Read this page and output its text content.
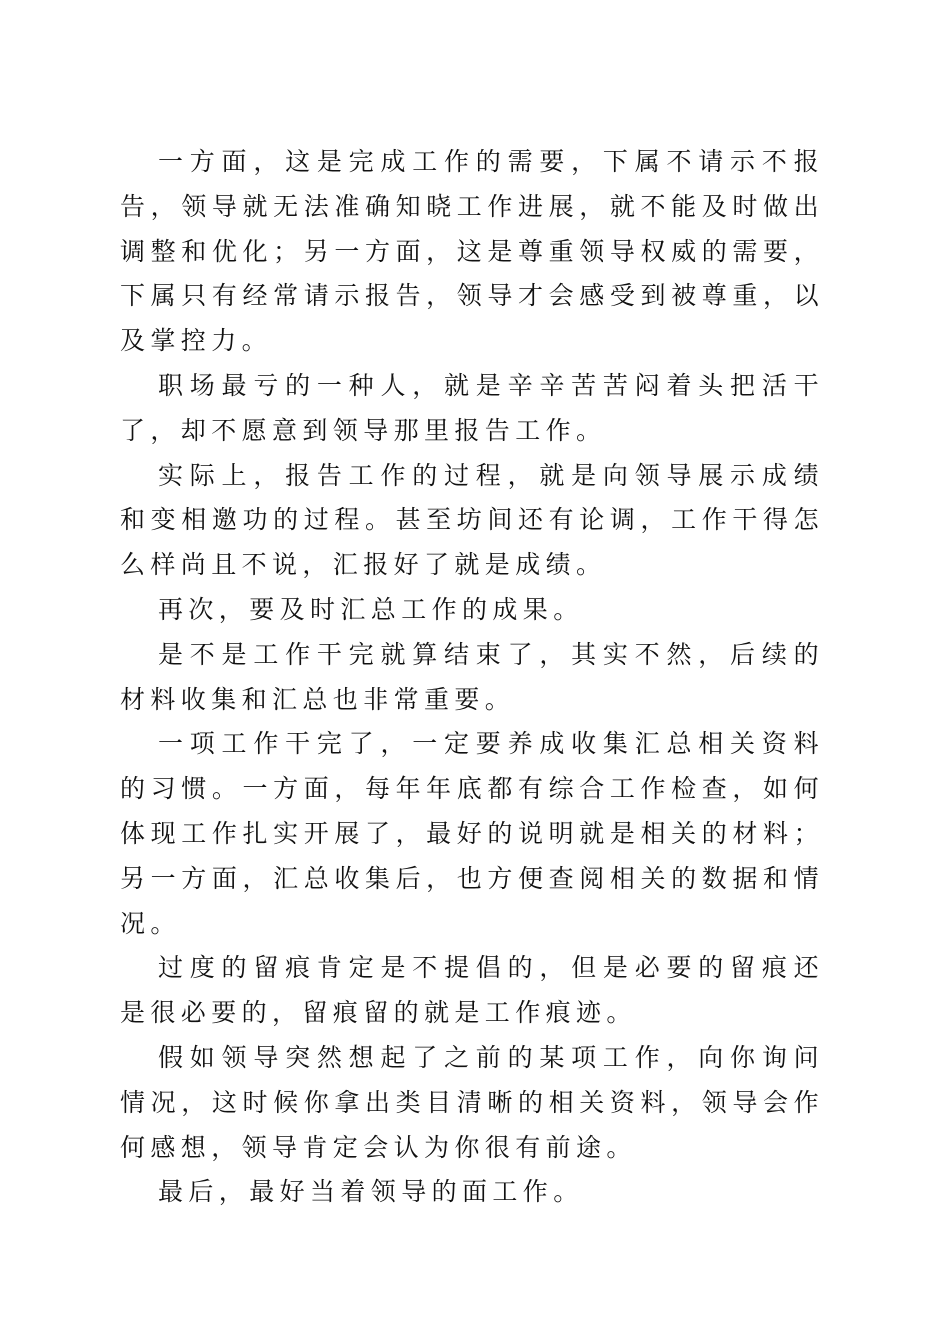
一方面，这是完成工作的需要，下属不请示不报告，领导就无法准确知晓工作进展，就不能及时做出调整和优化；另一方面，这是尊重领导权威的需要，下属只有经常请示报告，领导才会感受到被尊重，以及掌控力。

职场最亏的一种人，就是辛辛苦苦闷着头把活干了，却不愿意到领导那里报告工作。

实际上，报告工作的过程，就是向领导展示成绩和变相邀功的过程。甚至坊间还有论调，工作干得怎么样尚且不说，汇报好了就是成绩。

再次，要及时汇总工作的成果。

是不是工作干完就算结束了，其实不然，后续的材料收集和汇总也非常重要。

一项工作干完了，一定要养成收集汇总相关资料的习惯。一方面，每年年底都有综合工作检查，如何体现工作扎实开展了，最好的说明就是相关的材料；另一方面，汇总收集后，也方便查阅相关的数据和情况。

过度的留痕肯定是不提倡的，但是必要的留痕还是很必要的，留痕留的就是工作痕迹。

假如领导突然想起了之前的某项工作，向你询问情况，这时候你拿出类目清晰的相关资料，领导会作何感想，领导肯定会认为你很有前途。

最后，最好当着领导的面工作。
